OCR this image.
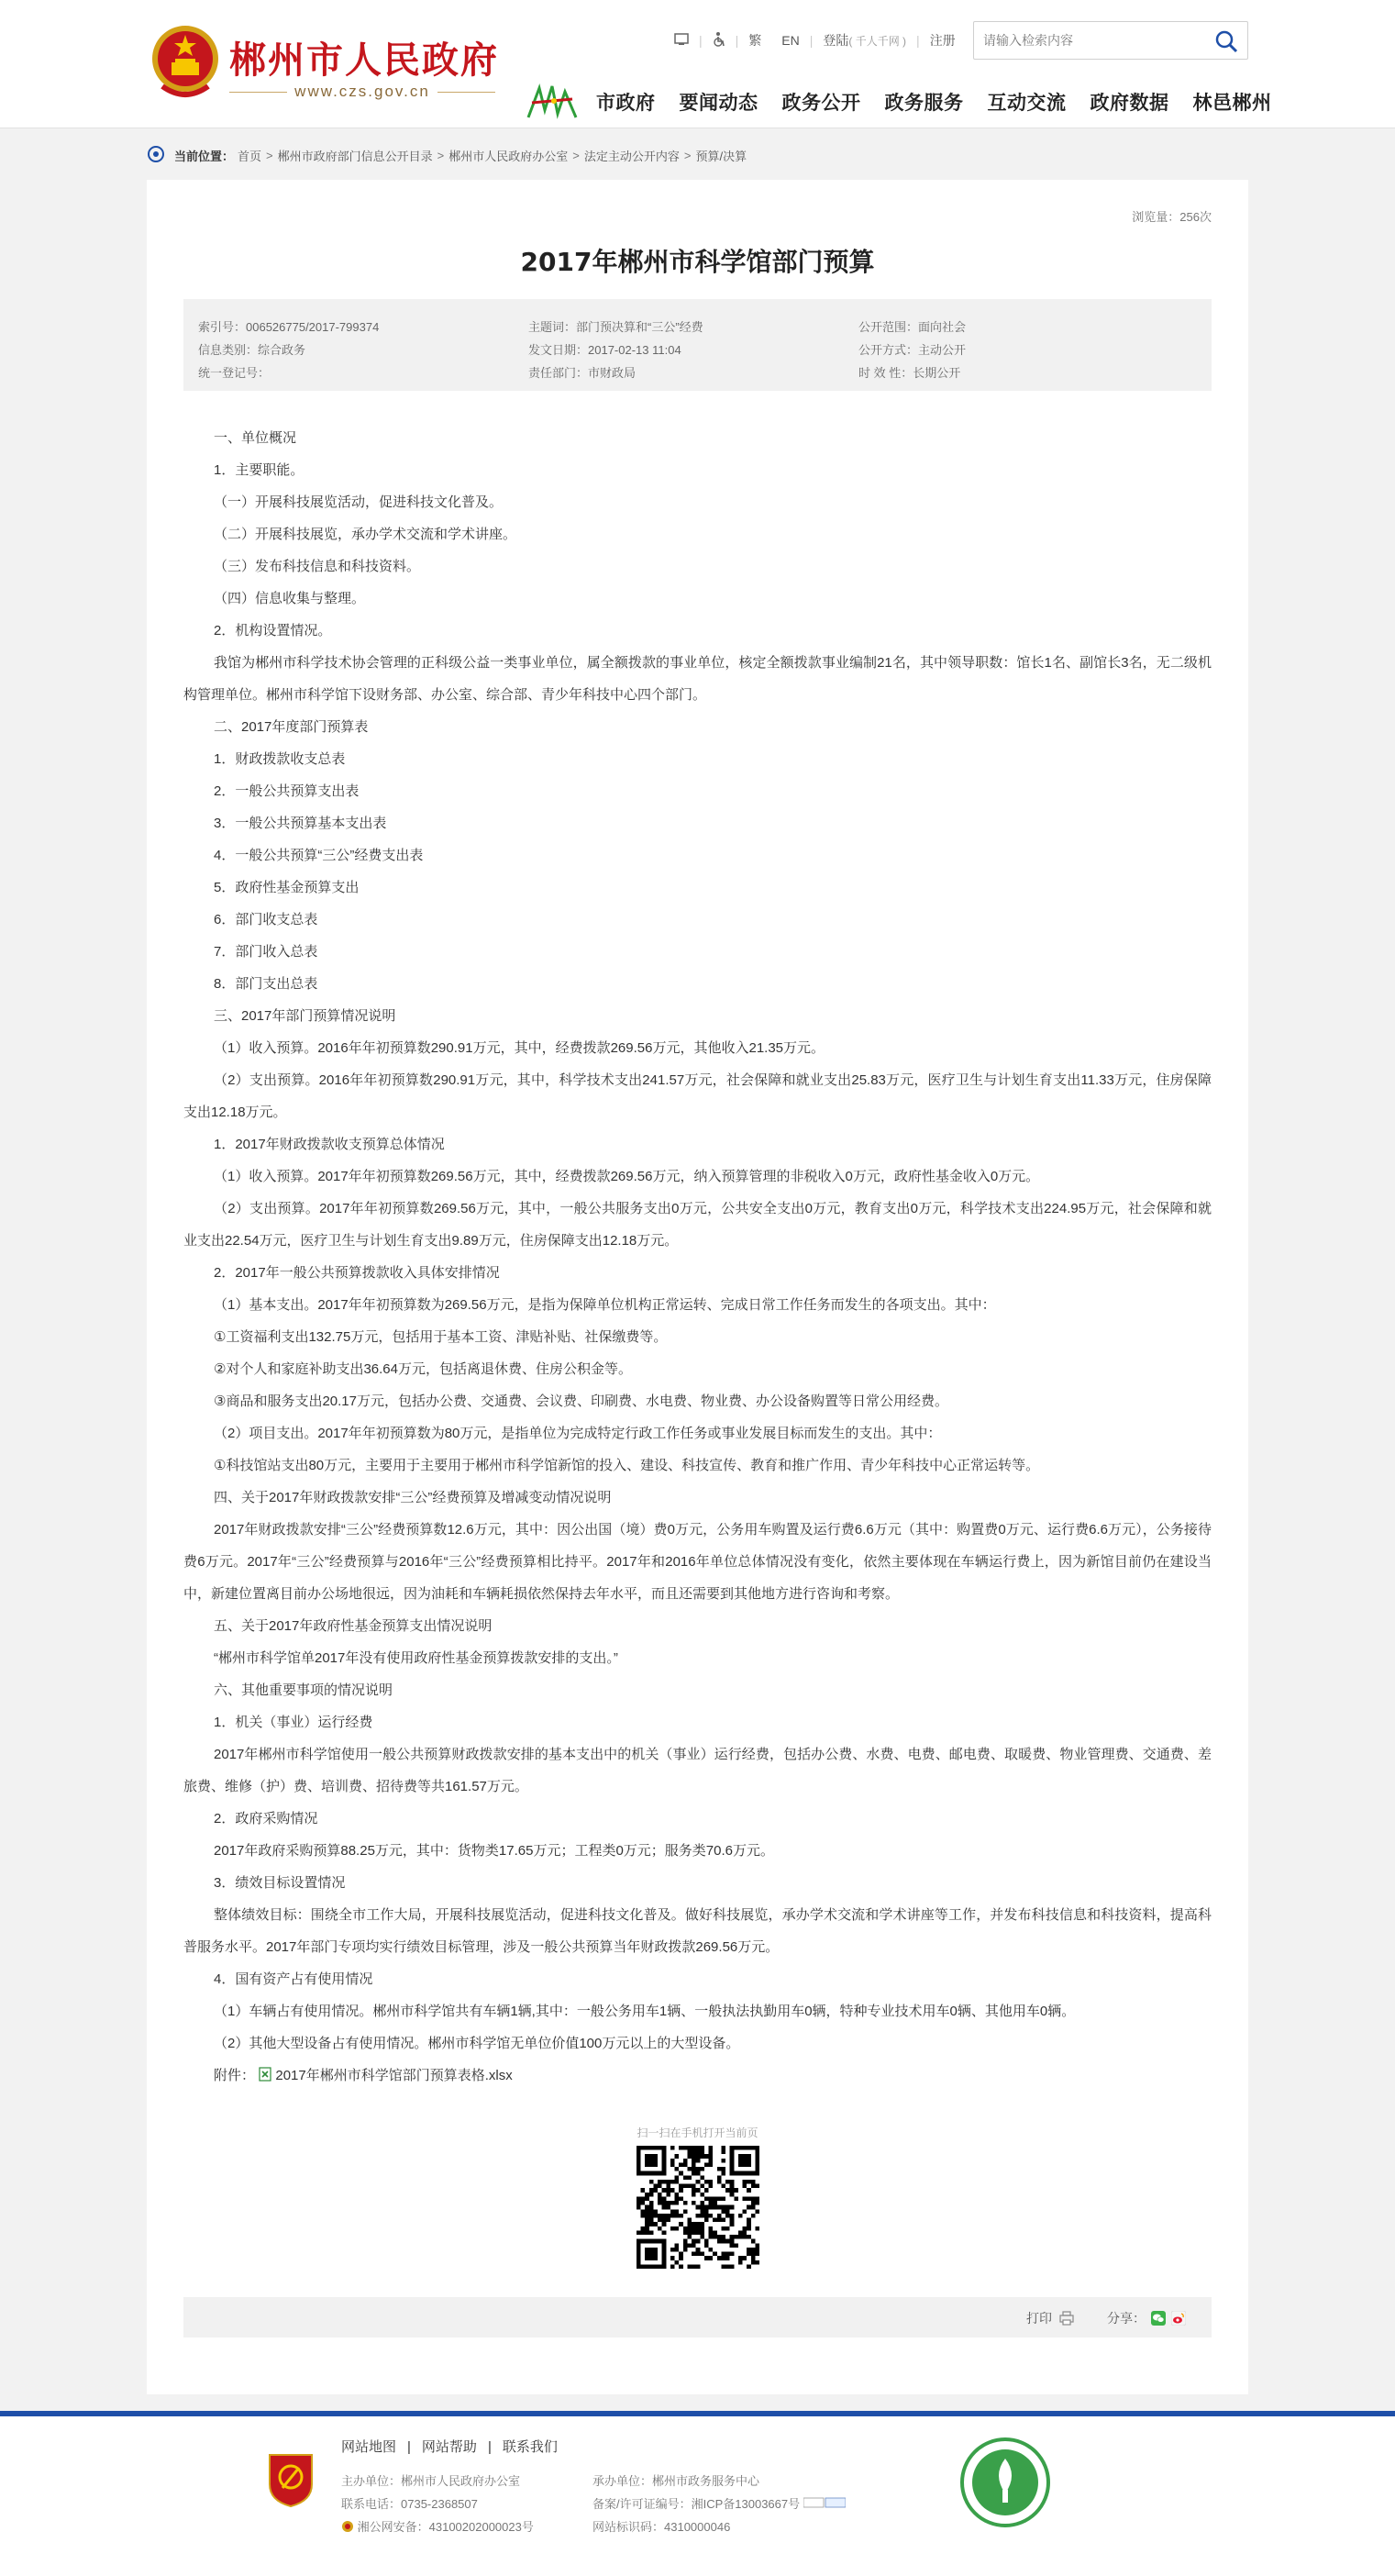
郴州市人民政府
www.czs.gov.cn
|	| 繁	EN | 登陆( 千人千网 ) | 注册
请输入检索内容
市政府 要闻动态 政务公开 政务服务 互动交流 政府数据 林邑郴州
当前位置： 首页 > 郴州市政府部门信息公开目录 > 郴州市人民政府办公室 > 法定主动公开内容 > 预算/决算
浏览量：256次
2017年郴州市科学馆部门预算
索引号：006526775/2017-799374	主题词：部门预决算和“三公”经费	公开范围：面向社会
信息类别：综合政务	发文日期：2017-02-13 11:04	公开方式：主动公开
统一登记号：	责任部门：市财政局	时 效 性：长期公开

一、单位概况

1．主要职能。

（一）开展科技展览活动，促进科技文化普及。

（二）开展科技展览，承办学术交流和学术讲座。

（三）发布科技信息和科技资料。

（四）信息收集与整理。

2．机构设置情况。

我馆为郴州市科学技术协会管理的正科级公益一类事业单位，属全额拨款的事业单位，核定全额拨款事业编制21名，其中领导职数：馆长1名、副馆长3名，无二级机构管理单位。郴州市科学馆下设财务部、办公室、综合部、青少年科技中心四个部门。

二、2017年度部门预算表

1．财政拨款收支总表

2．一般公共预算支出表

3．一般公共预算基本支出表

4．一般公共预算“三公”经费支出表

5．政府性基金预算支出

6．部门收支总表

7．部门收入总表

8．部门支出总表

三、2017年部门预算情况说明

（1）收入预算。2016年年初预算数290.91万元，其中，经费拨款269.56万元，其他收入21.35万元。

（2）支出预算。2016年年初预算数290.91万元，其中，科学技术支出241.57万元，社会保障和就业支出25.83万元，医疗卫生与计划生育支出11.33万元，住房保障支出12.18万元。

1．2017年财政拨款收支预算总体情况

（1）收入预算。2017年年初预算数269.56万元，其中，经费拨款269.56万元，纳入预算管理的非税收入0万元，政府性基金收入0万元。

（2）支出预算。2017年年初预算数269.56万元，其中，一般公共服务支出0万元，公共安全支出0万元，教育支出0万元，科学技术支出224.95万元，社会保障和就业支出22.54万元，医疗卫生与计划生育支出9.89万元，住房保障支出12.18万元。

2．2017年一般公共预算拨款收入具体安排情况

（1）基本支出。2017年年初预算数为269.56万元，是指为保障单位机构正常运转、完成日常工作任务而发生的各项支出。其中：

①工资福利支出132.75万元，包括用于基本工资、津贴补贴、社保缴费等。

②对个人和家庭补助支出36.64万元，包括离退休费、住房公积金等。

③商品和服务支出20.17万元，包括办公费、交通费、会议费、印刷费、水电费、物业费、办公设备购置等日常公用经费。

（2）项目支出。2017年年初预算数为80万元，是指单位为完成特定行政工作任务或事业发展目标而发生的支出。其中：

①科技馆站支出80万元，主要用于主要用于郴州市科学馆新馆的投入、建设、科技宣传、教育和推广作用、青少年科技中心正常运转等。

四、关于2017年财政拨款安排“三公”经费预算及增减变动情况说明

2017年财政拨款安排“三公”经费预算数12.6万元，其中：因公出国（境）费0万元，公务用车购置及运行费6.6万元（其中：购置费0万元、运行费6.6万元），公务接待费6万元。2017年“三公”经费预算与2016年“三公”经费预算相比持平。2017年和2016年单位总体情况没有变化，依然主要体现在车辆运行费上，因为新馆目前仍在建设当中，新建位置离目前办公场地很远，因为油耗和车辆耗损依然保持去年水平，而且还需要到其他地方进行咨询和考察。

五、关于2017年政府性基金预算支出情况说明

“郴州市科学馆单2017年没有使用政府性基金预算拨款安排的支出。”

六、其他重要事项的情况说明

1．机关（事业）运行经费

2017年郴州市科学馆使用一般公共预算财政拨款安排的基本支出中的机关（事业）运行经费，包括办公费、水费、电费、邮电费、取暖费、物业管理费、交通费、差旅费、维修（护）费、培训费、招待费等共161.57万元。

2．政府采购情况

2017年政府采购预算88.25万元，其中：货物类17.65万元；工程类0万元；服务类70.6万元。

3．绩效目标设置情况

整体绩效目标：围绕全市工作大局，开展科技展览活动，促进科技文化普及。做好科技展览，承办学术交流和学术讲座等工作，并发布科技信息和科技资料，提高科普服务水平。2017年部门专项均实行绩效目标管理，涉及一般公共预算当年财政拨款269.56万元。

4．国有资产占有使用情况

（1）车辆占有使用情况。郴州市科学馆共有车辆1辆,其中：一般公务用车1辆、一般执法执勤用车0辆，特种专业技术用车0辆、其他用车0辆。

（2）其他大型设备占有使用情况。郴州市科学馆无单位价值100万元以上的大型设备。

附件： 2017年郴州市科学馆部门预算表格.xlsx
扫一扫在手机打开当前页
打印	分享：
网站地图 | 网站帮助 | 联系我们
主办单位：郴州市人民政府办公室	承办单位：郴州市政务服务中心
联系电话：0735-2368507	备案/许可证编号：湘ICP备13003667号
湘公网安备：43100202000023号	网站标识码：4310000046
